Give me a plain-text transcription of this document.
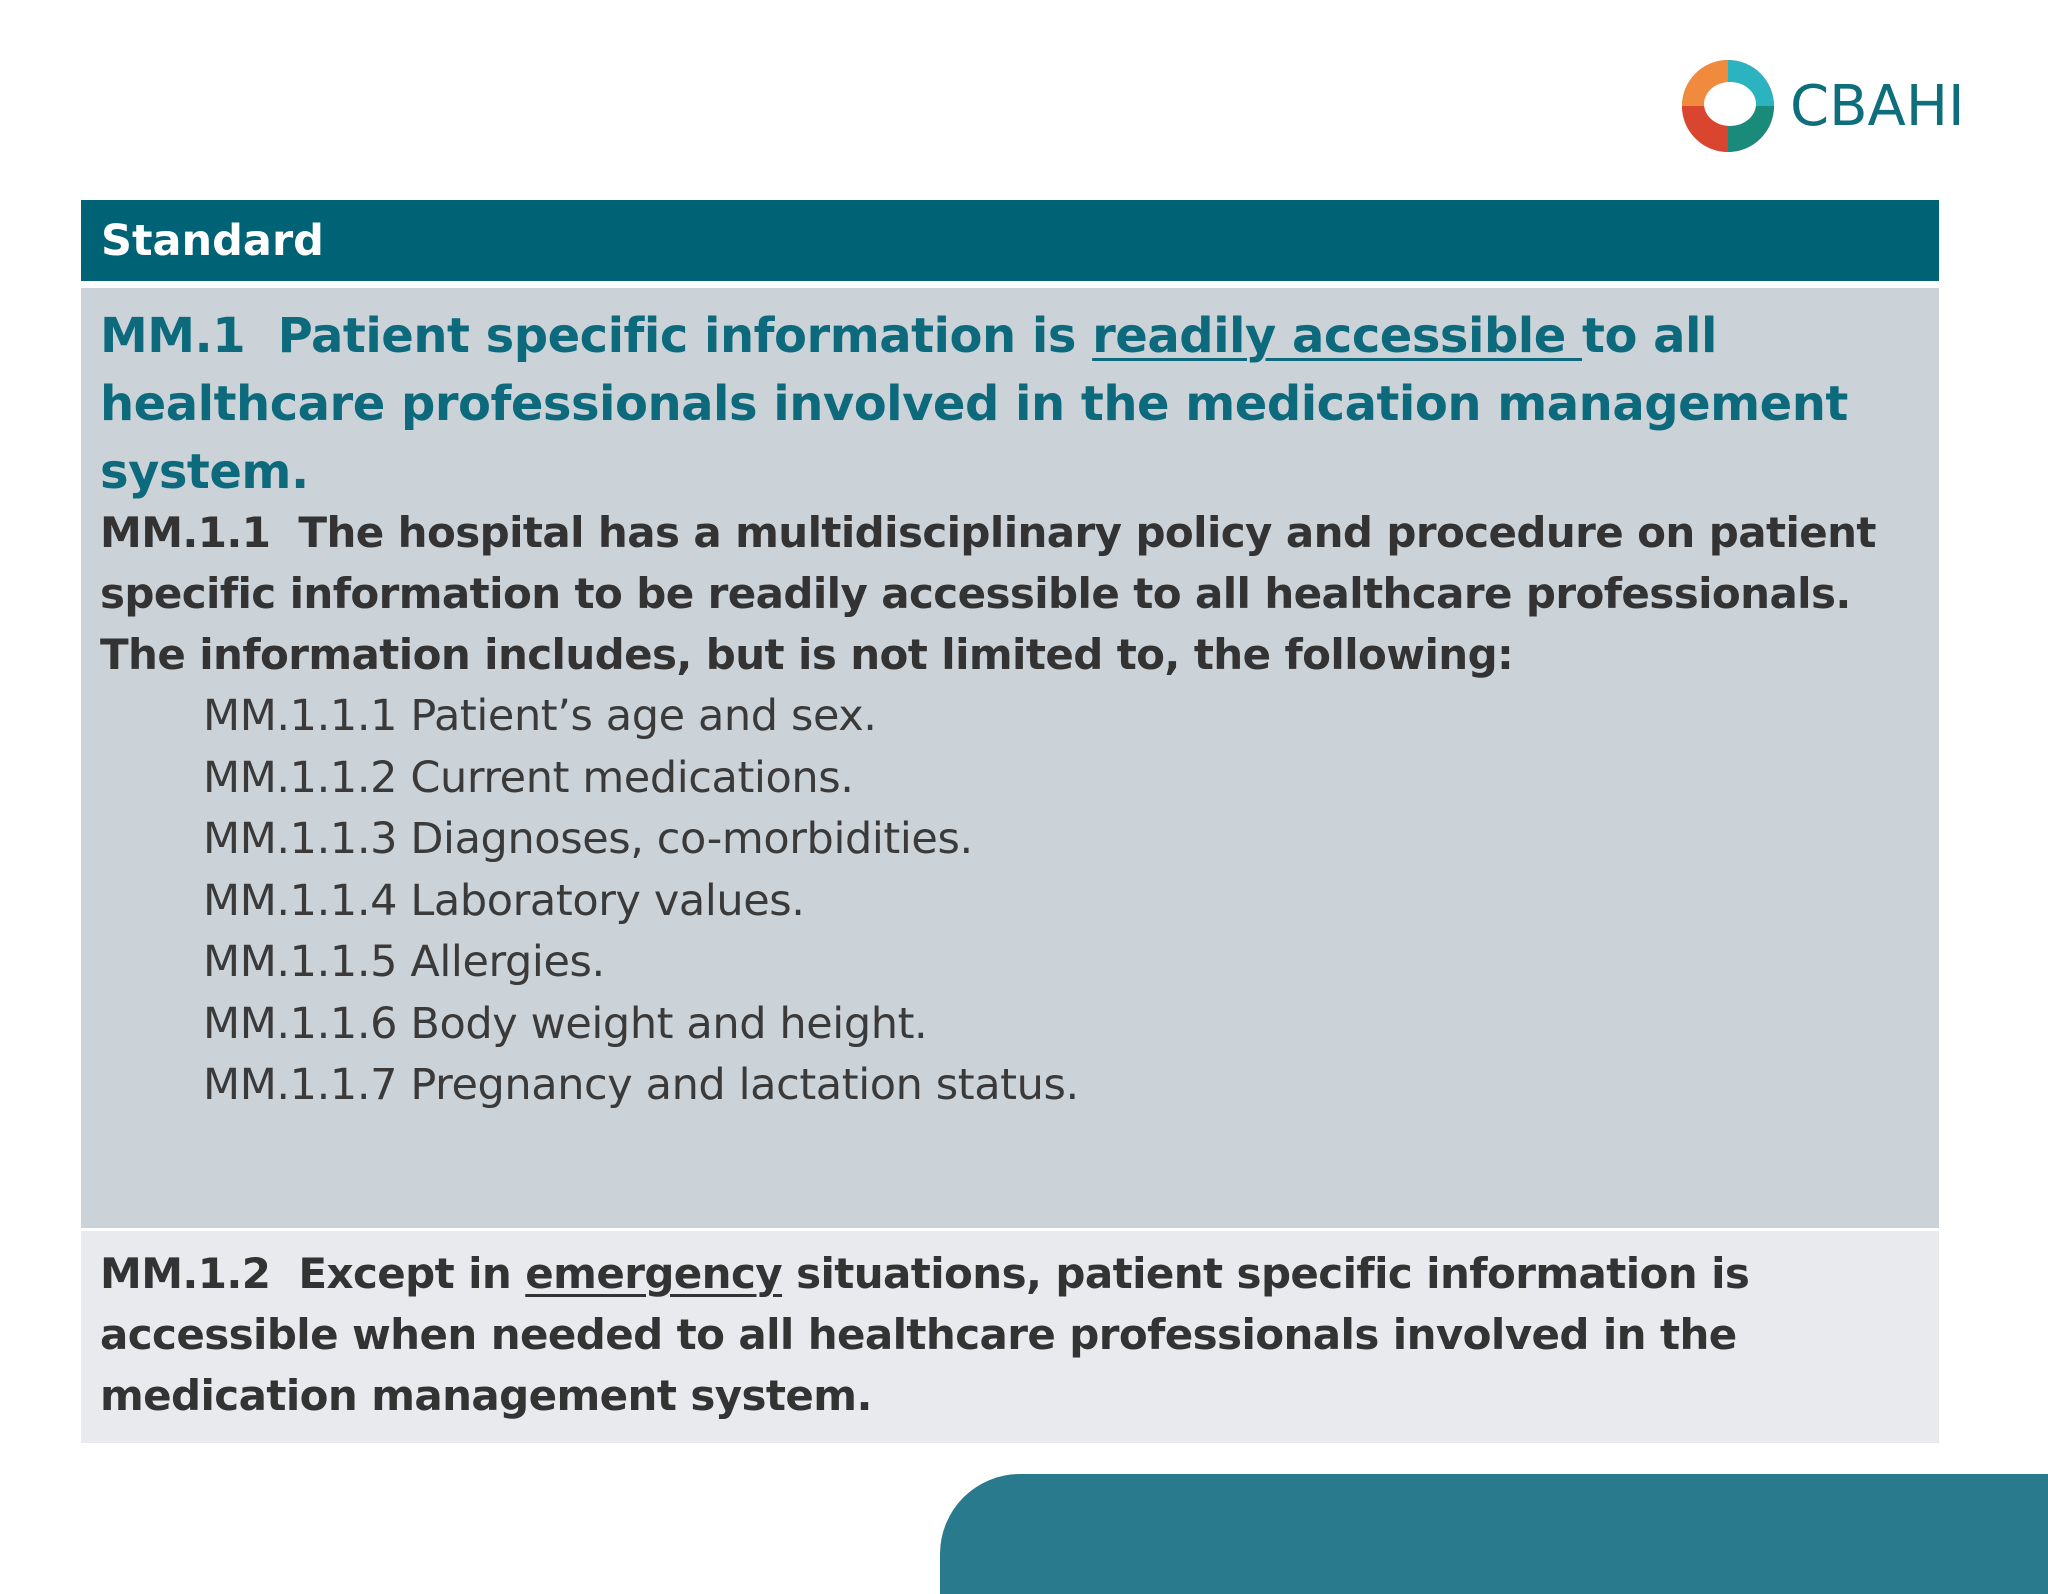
CBAHI
Standard
MM.1 Patient specific information is readily accessible to all healthcare professionals involved in the medication management system.
MM.1.1 The hospital has a multidisciplinary policy and procedure on patient specific information to be readily accessible to all healthcare professionals. The information includes, but is not limited to, the following:
MM.1.1.1 Patient’s age and sex.
MM.1.1.2 Current medications.
MM.1.1.3 Diagnoses, co-morbidities.
MM.1.1.4 Laboratory values.
MM.1.1.5 Allergies.
MM.1.1.6 Body weight and height.
MM.1.1.7 Pregnancy and lactation status.
MM.1.2 Except in emergency situations, patient specific information is accessible when needed to all healthcare professionals involved in the medication management system.
